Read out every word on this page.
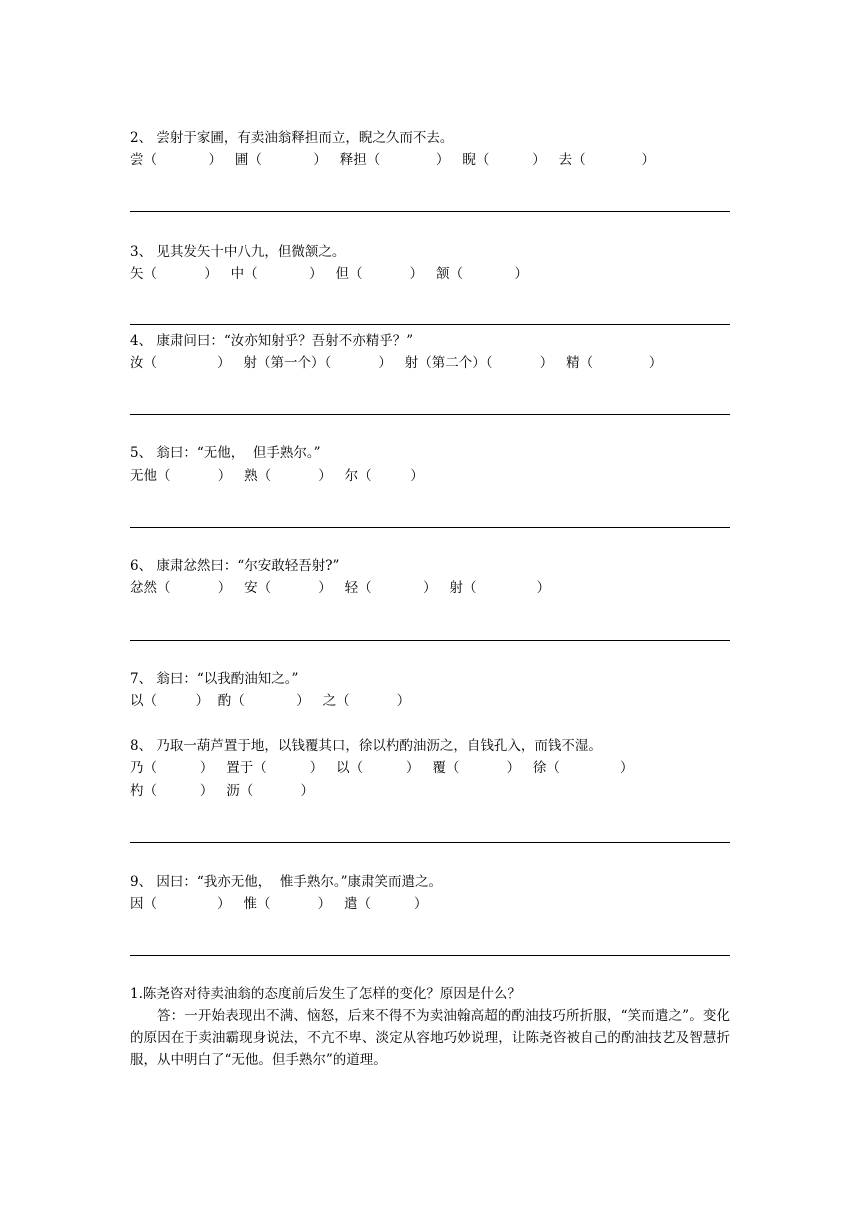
2、 尝射于家圃，有卖油翁释担而立，睨之久而不去。
尝（            ）   圃（            ）   释担（             ）   睨（          ）   去（             ）
3、 见其发矢十中八九，但微颔之。
矢（           ）   中（            ）   但（           ）   颔（            ）
4、 康肃问曰：“汝亦知射乎？吾射不亦精乎？”
汝（              ）   射（第一个）（           ）   射（第二个）（           ）   精（             ）
5、 翁曰：“无他，  但手熟尔。”
无他（           ）   熟（           ）   尔（         ）
6、 康肃忿然曰：“尔安敢轻吾射?”
忿然（           ）   安（           ）   轻（            ）   射（              ）
7、 翁曰：“以我酌油知之。”
以（         ）  酌（            ）   之（           ）
8、 乃取一葫芦置于地，以钱覆其口，徐以杓酌油沥之，自钱孔入，而钱不湿。
乃（          ）   置于（          ）   以（          ）   覆（           ）   徐（              ）
杓（          ）   沥（           ）
9、 因曰：“我亦无他，  惟手熟尔。”康肃笑而遣之。
因（              ）   惟（           ）   遣（          ）
1.陈尧咨对待卖油翁的态度前后发生了怎样的变化？原因是什么？
答：一开始表现出不满、恼怒，后来不得不为卖油翰高超的酌油技巧所折服，“笑而遣之”。变化的原因在于卖油霸现身说法，不亢不卑、淡定从容地巧妙说理，让陈尧咨被自己的酌油技艺及智慧折服，从中明白了“无他。但手熟尔”的道理。
